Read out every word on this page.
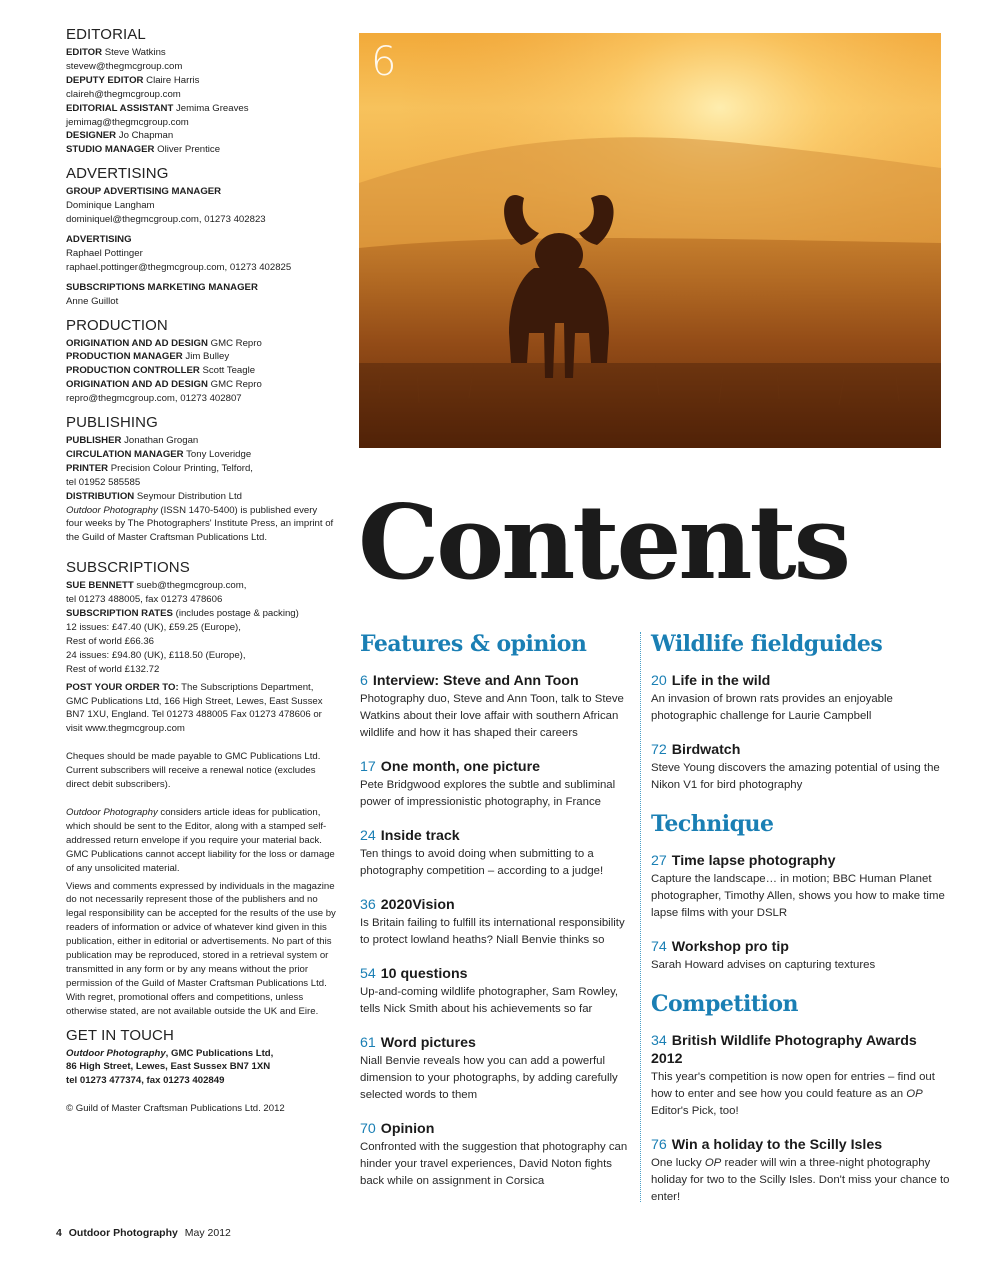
EDITORIAL
EDITOR Steve Watkins
stevew@thegmcgroup.com
DEPUTY EDITOR Claire Harris
claireh@thegmcgroup.com
EDITORIAL ASSISTANT Jemima Greaves
jemimag@thegmcgroup.com
DESIGNER Jo Chapman
STUDIO MANAGER Oliver Prentice
ADVERTISING
GROUP ADVERTISING MANAGER
Dominique Langham
dominiquel@thegmcgroup.com, 01273 402823
ADVERTISING
Raphael Pottinger
raphael.pottinger@thegmcgroup.com, 01273 402825
SUBSCRIPTIONS MARKETING MANAGER
Anne Guillot
PRODUCTION
ORIGINATION AND AD DESIGN GMC Repro
PRODUCTION MANAGER Jim Bulley
PRODUCTION CONTROLLER Scott Teagle
ORIGINATION AND AD DESIGN GMC Repro
repro@thegmcgroup.com, 01273 402807
PUBLISHING
PUBLISHER Jonathan Grogan
CIRCULATION MANAGER Tony Loveridge
PRINTER Precision Colour Printing, Telford,
tel 01952 585585
DISTRIBUTION Seymour Distribution Ltd
Outdoor Photography (ISSN 1470-5400) is published every four weeks by The Photographers' Institute Press, an imprint of the Guild of Master Craftsman Publications Ltd.
SUBSCRIPTIONS
SUE BENNETT sueb@thegmcgroup.com,
tel 01273 488005, fax 01273 478606
SUBSCRIPTION RATES (includes postage & packing)
12 issues: £47.40 (UK), £59.25 (Europe),
Rest of world £66.36
24 issues: £94.80 (UK), £118.50 (Europe),
Rest of world £132.72
POST YOUR ORDER TO: The Subscriptions Department, GMC Publications Ltd, 166 High Street, Lewes, East Sussex BN7 1XU, England. Tel 01273 488005 Fax 01273 478606 or visit www.thegmcgroup.com
Cheques should be made payable to GMC Publications Ltd. Current subscribers will receive a renewal notice (excludes direct debit subscribers).
Outdoor Photography considers article ideas for publication, which should be sent to the Editor, along with a stamped self-addressed return envelope if you require your material back. GMC Publications cannot accept liability for the loss or damage of any unsolicited material.
Views and comments expressed by individuals in the magazine do not necessarily represent those of the publishers and no legal responsibility can be accepted for the results of the use by readers of information or advice of whatever kind given in this publication, either in editorial or advertisements. No part of this publication may be reproduced, stored in a retrieval system or transmitted in any form or by any means without the prior permission of the Guild of Master Craftsman Publications Ltd. With regret, promotional offers and competitions, unless otherwise stated, are not available outside the UK and Eire.
GET IN TOUCH
Outdoor Photography, GMC Publications Ltd,
86 High Street, Lewes, East Sussex BN7 1XN
tel 01273 477374, fax 01273 402849
© Guild of Master Craftsman Publications Ltd. 2012
6
Contents
Features & opinion
6 Interview: Steve and Ann Toon
Photography duo, Steve and Ann Toon, talk to Steve Watkins about their love affair with southern African wildlife and how it has shaped their careers
17 One month, one picture
Pete Bridgwood explores the subtle and subliminal power of impressionistic photography, in France
24 Inside track
Ten things to avoid doing when submitting to a photography competition – according to a judge!
36 2020Vision
Is Britain failing to fulfill its international responsibility to protect lowland heaths? Niall Benvie thinks so
54 10 questions
Up-and-coming wildlife photographer, Sam Rowley, tells Nick Smith about his achievements so far
61 Word pictures
Niall Benvie reveals how you can add a powerful dimension to your photographs, by adding carefully selected words to them
70 Opinion
Confronted with the suggestion that photography can hinder your travel experiences, David Noton fights back while on assignment in Corsica
Wildlife fieldguides
20 Life in the wild
An invasion of brown rats provides an enjoyable photographic challenge for Laurie Campbell
72 Birdwatch
Steve Young discovers the amazing potential of using the Nikon V1 for bird photography
Technique
27 Time lapse photography
Capture the landscape… in motion; BBC Human Planet photographer, Timothy Allen, shows you how to make time lapse films with your DSLR
74 Workshop pro tip
Sarah Howard advises on capturing textures
Competition
34 British Wildlife Photography Awards 2012
This year's competition is now open for entries – find out how to enter and see how you could feature as an OP Editor's Pick, too!
76 Win a holiday to the Scilly Isles
One lucky OP reader will win a three-night photography holiday for two to the Scilly Isles. Don't miss your chance to enter!
4 Outdoor Photography May 2012
